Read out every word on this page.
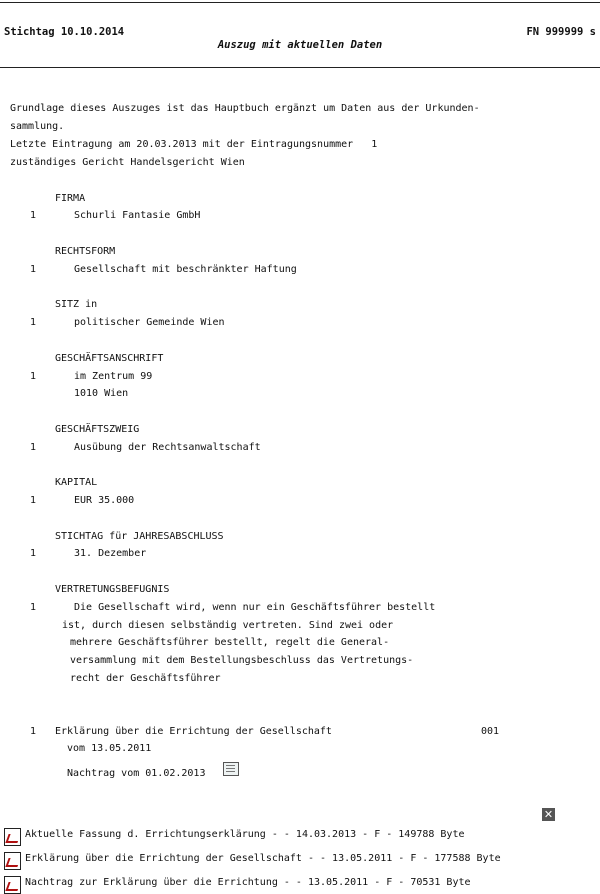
Stichtag 10.10.2014	FN 999999 s
Auszug mit aktuellen Daten
Grundlage dieses Auszuges ist das Hauptbuch ergänzt um Daten aus der Urkunden-
sammlung.
Letzte Eintragung am 20.03.2013 mit der Eintragungsnummer   1
zuständiges Gericht Handelsgericht Wien
FIRMA
1	Schurli Fantasie GmbH
RECHTSFORM
1	Gesellschaft mit beschränkter Haftung
SITZ in
1	politischer Gemeinde Wien
GESCHÄFTSANSCHRIFT
1	im Zentrum 99
1010 Wien
GESCHÄFTSZWEIG
1	Ausübung der Rechtsanwaltschaft
KAPITAL
1	EUR 35.000
STICHTAG für JAHRESABSCHLUSS
1	31. Dezember
VERTRETUNGSBEFUGNIS
1	Die Gesellschaft wird, wenn nur ein Geschäftsführer bestellt
ist, durch diesen selbständig vertreten. Sind zwei oder
mehrere Geschäftsführer bestellt, regelt die General-
versammlung mit dem Bestellungsbeschluss das Vertretungs-
recht der Geschäftsführer
1 Erklärung über die Errichtung der Gesellschaft	001
vom 13.05.2011
Nachtrag vom 01.02.2013
✕
Aktuelle Fassung d. Errichtungserklärung - - 14.03.2013 - F - 149788 Byte
Erklärung über die Errichtung der Gesellschaft - - 13.05.2011 - F - 177588 Byte
Nachtrag zur Erklärung über die Errichtung - - 13.05.2011 - F - 70531 Byte
